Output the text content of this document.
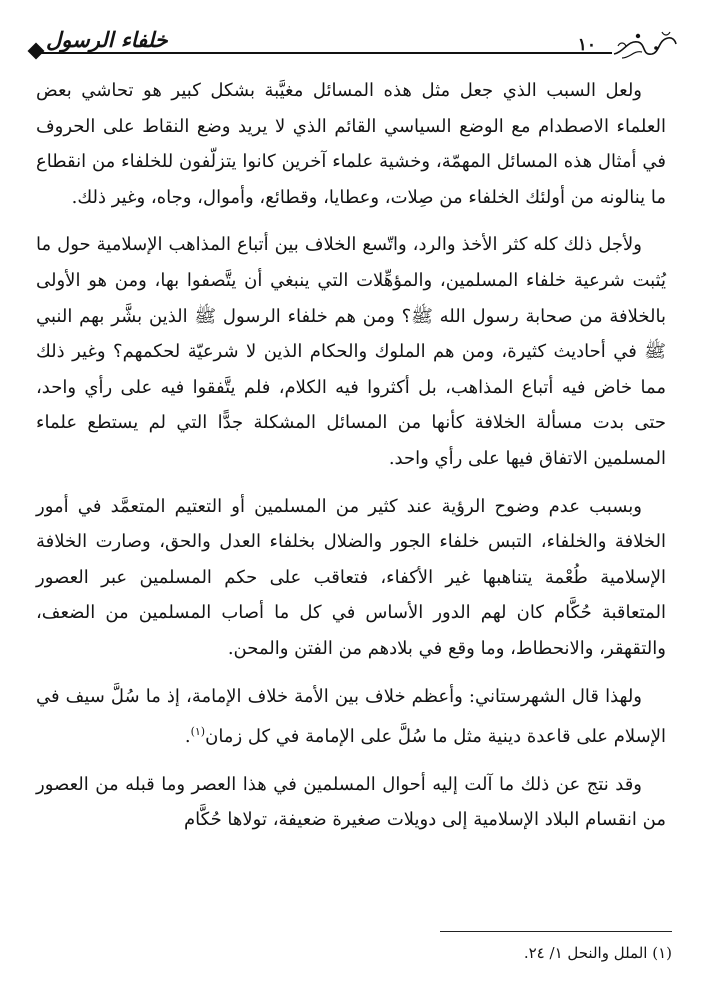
خلفاء الرسول	١٠

ولعل السبب الذي جعل مثل هذه المسائل مغيَّبة بشكل كبير هو تحاشي بعض العلماء الاصطدام مع الوضع السياسي القائم الذي لا يريد وضع النقاط على الحروف في أمثال هذه المسائل المهمّة، وخشية علماء آخرين كانوا يتزلّفون للخلفاء من انقطاع ما ينالونه من أولئك الخلفاء من صِلات، وعطايا، وقطائع، وأموال، وجاه، وغير ذلك.

ولأجل ذلك كله كثر الأخذ والرد، واتّسع الخلاف بين أتباع المذاهب الإسلامية حول ما يُثبت شرعية خلفاء المسلمين، والمؤهِّلات التي ينبغي أن يتَّصفوا بها، ومن هو الأولى بالخلافة من صحابة رسول الله ﷺ؟ ومن هم خلفاء الرسول ﷺ الذين بشَّر بهم النبي ﷺ في أحاديث كثيرة، ومن هم الملوك والحكام الذين لا شرعيّة لحكمهم؟ وغير ذلك مما خاض فيه أتباع المذاهب، بل أكثروا فيه الكلام، فلم يتَّفقوا فيه على رأي واحد، حتى بدت مسألة الخلافة كأنها من المسائل المشكلة جدًّا التي لم يستطع علماء المسلمين الاتفاق فيها على رأي واحد.

وبسبب عدم وضوح الرؤية عند كثير من المسلمين أو التعتيم المتعمَّد في أمور الخلافة والخلفاء، التبس خلفاء الجور والضلال بخلفاء العدل والحق، وصارت الخلافة الإسلامية طُعْمة يتناهبها غير الأكفاء، فتعاقب على حكم المسلمين عبر العصور المتعاقبة حُكَّام كان لهم الدور الأساس في كل ما أصاب المسلمين من الضعف، والتقهقر، والانحطاط، وما وقع في بلادهم من الفتن والمحن.

ولهذا قال الشهرستاني: وأعظم خلاف بين الأمة خلاف الإمامة، إذ ما سُلَّ سيف في الإسلام على قاعدة دينية مثل ما سُلَّ على الإمامة في كل زمان$^{(١)}$.

وقد نتج عن ذلك ما آلت إليه أحوال المسلمين في هذا العصر وما قبله من العصور من انقسام البلاد الإسلامية إلى دويلات صغيرة ضعيفة، تولاها حُكَّام

(١) الملل والنحل ١/ ٢٤.
